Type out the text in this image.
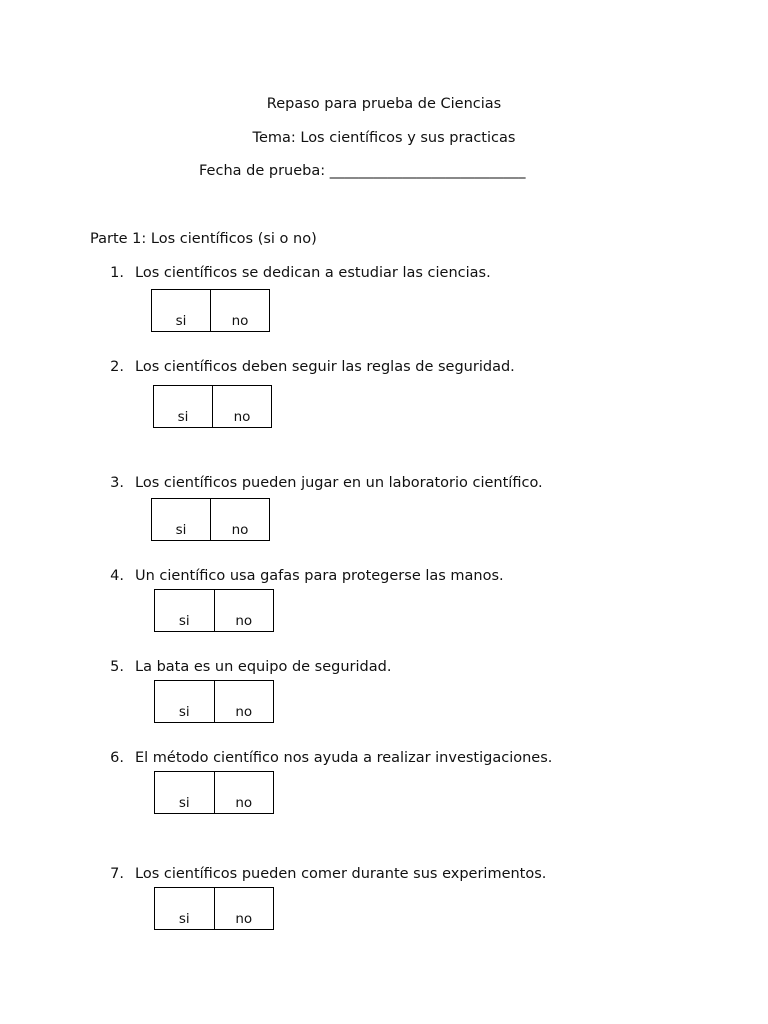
Repaso para prueba de Ciencias
Tema: Los científicos y sus practicas
Fecha de prueba: ___________________________
Parte 1: Los científicos (si o no)
1. Los científicos se dedican a estudiar las ciencias.
si	no
2. Los científicos deben seguir las reglas de seguridad.
si	no
3. Los científicos pueden jugar en un laboratorio científico.
si	no
4. Un científico usa gafas para protegerse las manos.
si	no
5. La bata es un equipo de seguridad.
si	no
6. El método científico nos ayuda a realizar investigaciones.
si	no
7. Los científicos pueden comer durante sus experimentos.
si	no
